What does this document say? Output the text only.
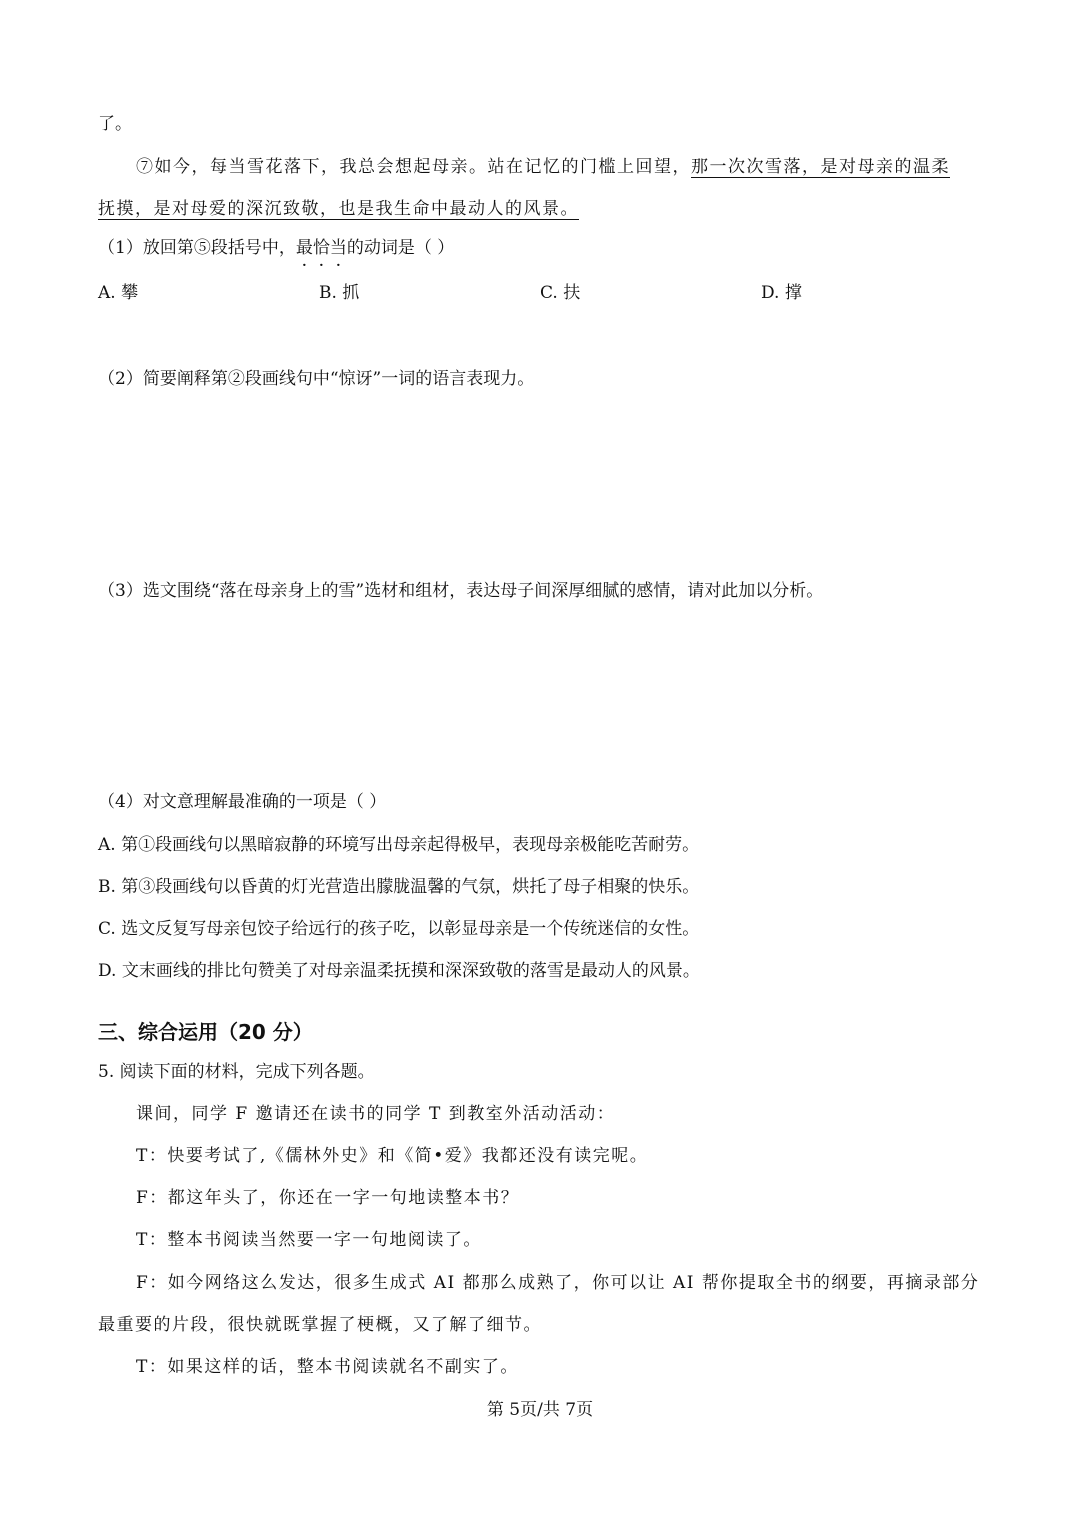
了。
⑦如今，每当雪花落下，我总会想起母亲。站在记忆的门槛上回望，那一次次雪落，是对母亲的温柔
抚摸，是对母爱的深沉致敬，也是我生命中最动人的风景。
（1）放回第⑤段括号中，最恰当的动词是（ ）
A. 攀	B. 抓	C. 扶	D. 撑
（2）简要阐释第②段画线句中“惊讶”一词的语言表现力。
（3）选文围绕“落在母亲身上的雪”选材和组材，表达母子间深厚细腻的感情，请对此加以分析。
（4）对文意理解最准确的一项是（ ）
A. 第①段画线句以黑暗寂静的环境写出母亲起得极早，表现母亲极能吃苦耐劳。
B. 第③段画线句以昏黄的灯光营造出朦胧温馨的气氛，烘托了母子相聚的快乐。
C. 选文反复写母亲包饺子给远行的孩子吃，以彰显母亲是一个传统迷信的女性。
D. 文末画线的排比句赞美了对母亲温柔抚摸和深深致敬的落雪是最动人的风景。
三、综合运用（20 分）
5. 阅读下面的材料，完成下列各题。
课间，同学 F 邀请还在读书的同学 T 到教室外活动活动：
T：快要考试了,《儒林外史》和《简•爱》我都还没有读完呢。
F：都这年头了，你还在一字一句地读整本书？
T：整本书阅读当然要一字一句地阅读了。
F：如今网络这么发达，很多生成式 AI 都那么成熟了，你可以让 AI 帮你提取全书的纲要，再摘录部分
最重要的片段，很快就既掌握了梗概，又了解了细节。
T：如果这样的话，整本书阅读就名不副实了。
第 5页/共 7页
